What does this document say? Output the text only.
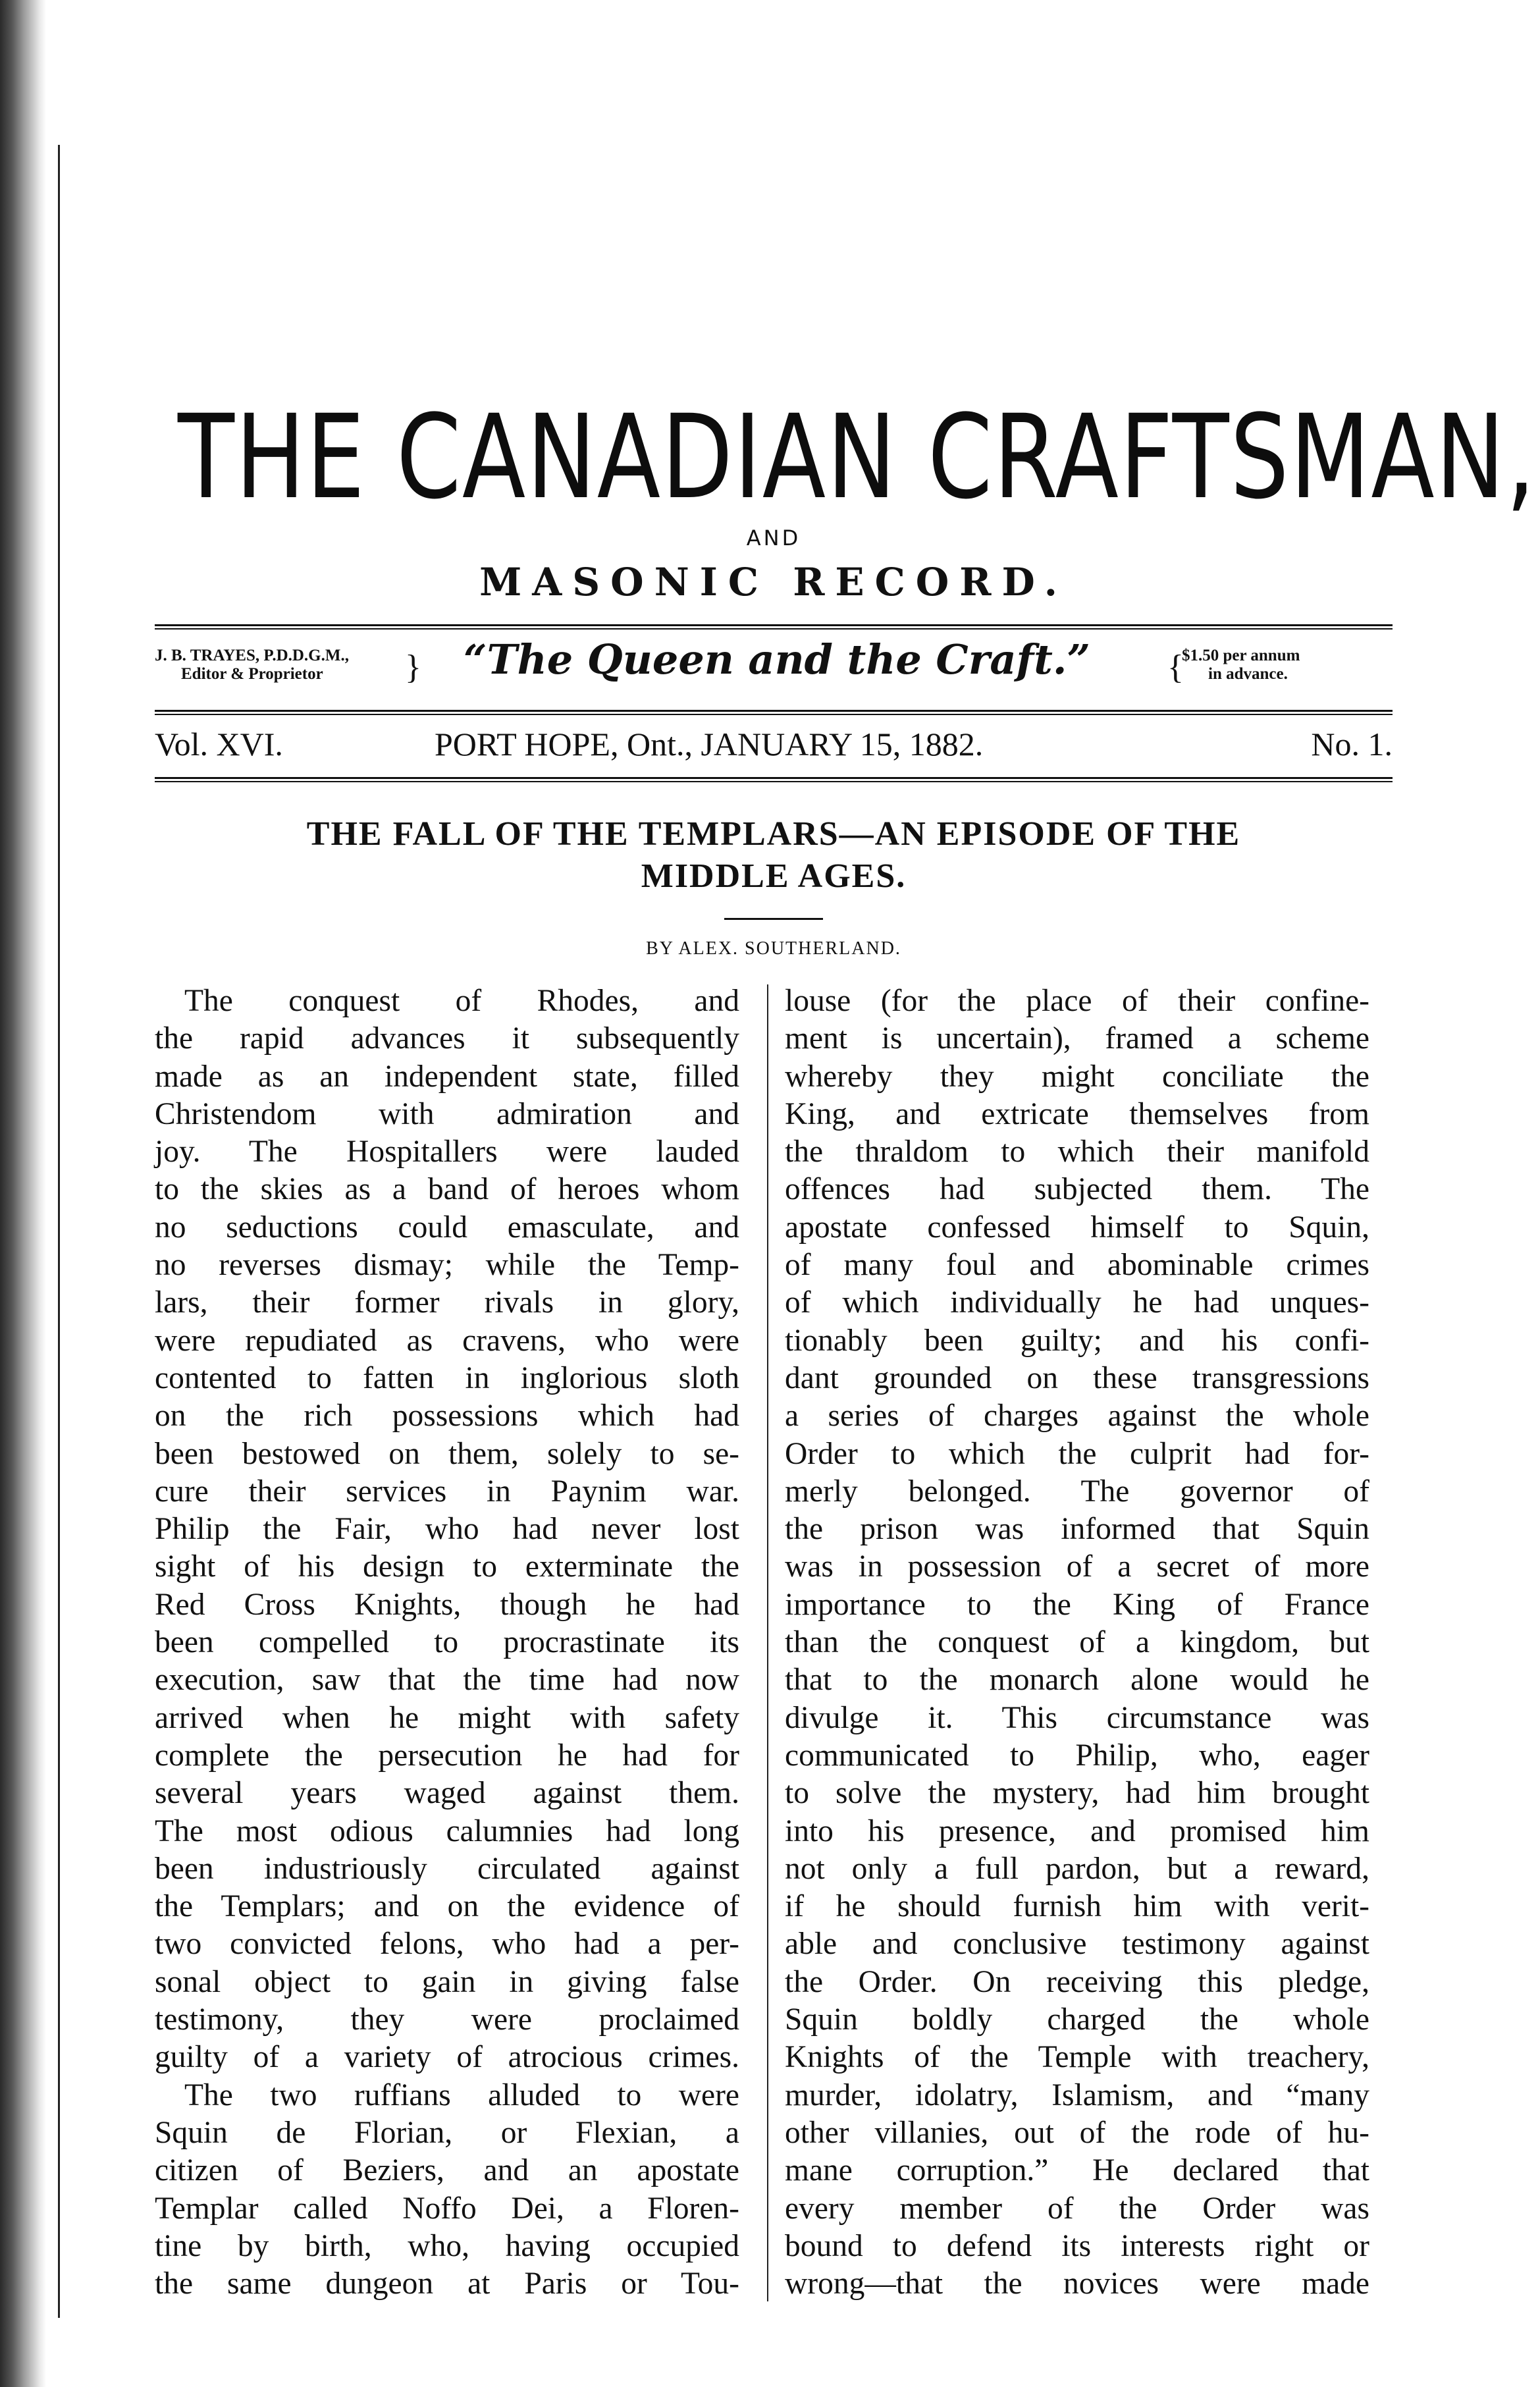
THE CANADIAN CRAFTSMAN,
AND
MASONIC RECORD.
J. B. TRAYES, P.D.D.G.M.,
Editor & Proprietor	}	“The Queen and the Craft.”	{
$1.50 per annum
in advance.
Vol. XVI.	PORT HOPE, Ont., JANUARY 15, 1882.	No. 1.
THE FALL OF THE TEMPLARS—AN EPISODE OF THE
MIDDLE AGES.
BY ALEX. SOUTHERLAND.

The conquest of Rhodes, and

the rapid advances it subsequently

made as an independent state, filled

Christendom with admiration and

joy. The Hospitallers were lauded

to the skies as a band of heroes whom

no seductions could emasculate, and

no reverses dismay; while the Temp-

lars, their former rivals in glory,

were repudiated as cravens, who were

contented to fatten in inglorious sloth

on the rich possessions which had

been bestowed on them, solely to se-

cure their services in Paynim war.

Philip the Fair, who had never lost

sight of his design to exterminate the

Red Cross Knights, though he had

been compelled to procrastinate its

execution, saw that the time had now

arrived when he might with safety

complete the persecution he had for

several years waged against them.

The most odious calumnies had long

been industriously circulated against

the Templars; and on the evidence of

two convicted felons, who had a per-

sonal object to gain in giving false

testimony, they were proclaimed

guilty of a variety of atrocious crimes.

The two ruffians alluded to were

Squin de Florian, or Flexian, a

citizen of Beziers, and an apostate

Templar called Noffo Dei, a Floren-

tine by birth, who, having occupied

the same dungeon at Paris or Tou-

louse (for the place of their confine-

ment is uncertain), framed a scheme

whereby they might conciliate the

King, and extricate themselves from

the thraldom to which their manifold

offences had subjected them. The

apostate confessed himself to Squin,

of many foul and abominable crimes

of which individually he had unques-

tionably been guilty; and his confi-

dant grounded on these transgressions

a series of charges against the whole

Order to which the culprit had for-

merly belonged. The governor of

the prison was informed that Squin

was in possession of a secret of more

importance to the King of France

than the conquest of a kingdom, but

that to the monarch alone would he

divulge it. This circumstance was

communicated to Philip, who, eager

to solve the mystery, had him brought

into his presence, and promised him

not only a full pardon, but a reward,

if he should furnish him with verit-

able and conclusive testimony against

the Order. On receiving this pledge,

Squin boldly charged the whole

Knights of the Temple with treachery,

murder, idolatry, Islamism, and “many

other villanies, out of the rode of hu-

mane corruption.” He declared that

every member of the Order was

bound to defend its interests right or

wrong—that the novices were made
